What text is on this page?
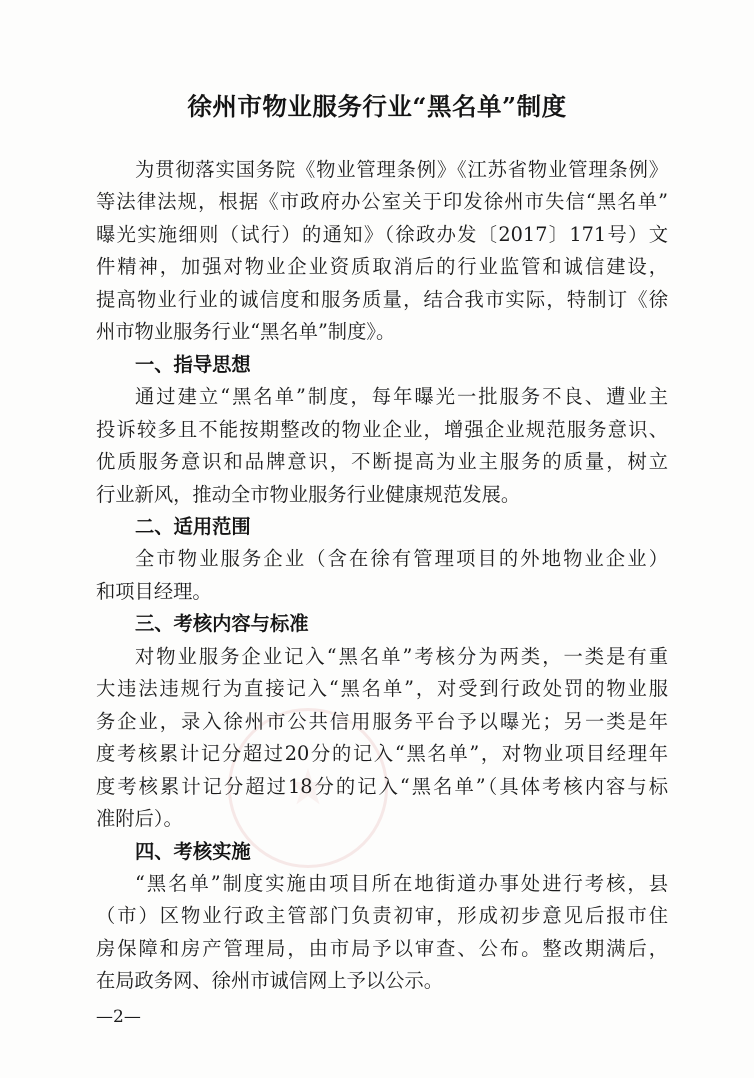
徐州市物业服务行业“黑名单”制度
为贯彻落实国务院《物业管理条例》《江苏省物业管理条例》
等法律法规，根据《市政府办公室关于印发徐州市失信“黑名单”
曝光实施细则（试行）的通知》（徐政办发〔2017〕171号）文
件精神，加强对物业企业资质取消后的行业监管和诚信建设，
提高物业行业的诚信度和服务质量，结合我市实际，特制订《徐
州市物业服务行业“黑名单”制度》。
一、指导思想
通过建立“黑名单”制度，每年曝光一批服务不良、遭业主
投诉较多且不能按期整改的物业企业，增强企业规范服务意识、
优质服务意识和品牌意识，不断提高为业主服务的质量，树立
行业新风，推动全市物业服务行业健康规范发展。
二、适用范围
全市物业服务企业（含在徐有管理项目的外地物业企业）
和项目经理。
三、考核内容与标准
对物业服务企业记入“黑名单”考核分为两类，一类是有重
大违法违规行为直接记入“黑名单”，对受到行政处罚的物业服
务企业，录入徐州市公共信用服务平台予以曝光；另一类是年
度考核累计记分超过20分的记入“黑名单”，对物业项目经理年
度考核累计记分超过18分的记入“黑名单”（具体考核内容与标
准附后）。
四、考核实施
“黑名单”制度实施由项目所在地街道办事处进行考核，县
（市）区物业行政主管部门负责初审，形成初步意见后报市住
房保障和房产管理局，由市局予以审查、公布。整改期满后，
在局政务网、徐州市诚信网上予以公示。
—2—
